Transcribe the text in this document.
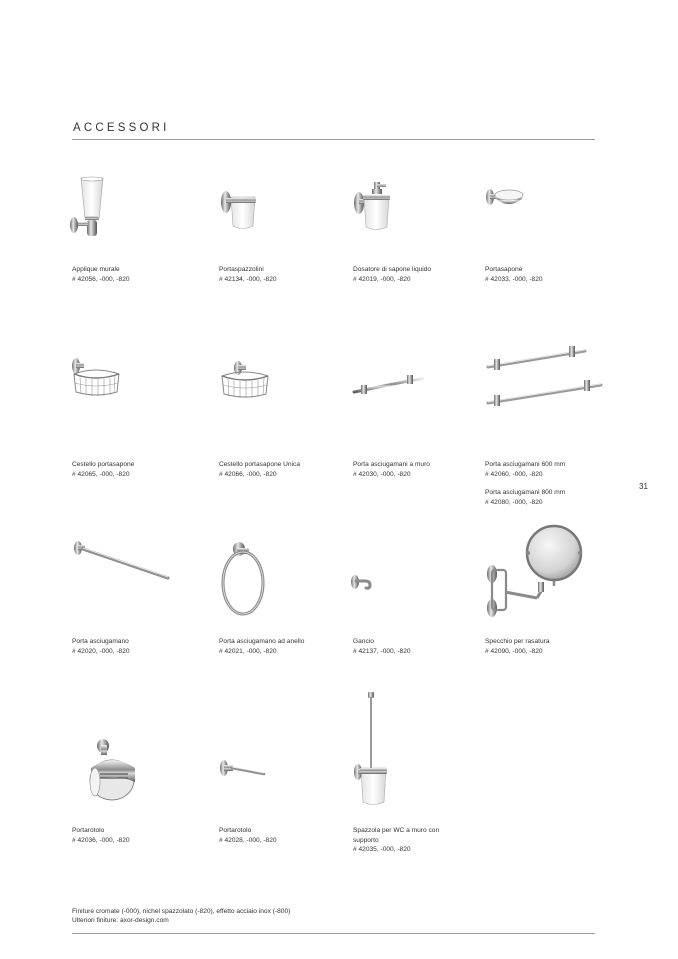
ACCESSORI
31
Applique murale
# 42056, -000, -820
Portaspazzolini
# 42134, -000, -820
Dosatore di sapone liquido
# 42019, -000, -820
Portasapone
# 42033, -000, -820
Cestello portasapone
# 42065, -000, -820
Cestello portasapone Unica
# 42066, -000, -820
Porta asciugamani a muro
# 42030, -000, -820
Porta asciugamani 600 mm
# 42060, -000, -820
Porta asciugamani 800 mm
# 42080, -000, -820
Porta asciugamano
# 42020, -000, -820
Porta asciugamano ad anello
# 42021, -000, -820
Gancio
# 42137, -000, -820
Specchio per rasatura
# 42090, -000, -820
Portarotolo
# 42036, -000, -820
Portarotolo
# 42028, -000, -820
Spazzola per WC a muro con
supporto
# 42035, -000, -820
Finiture cromate (-000), nichel spazzolato (-820), effetto acciaio inox (-800)
Ulteriori finiture: axor-design.com
